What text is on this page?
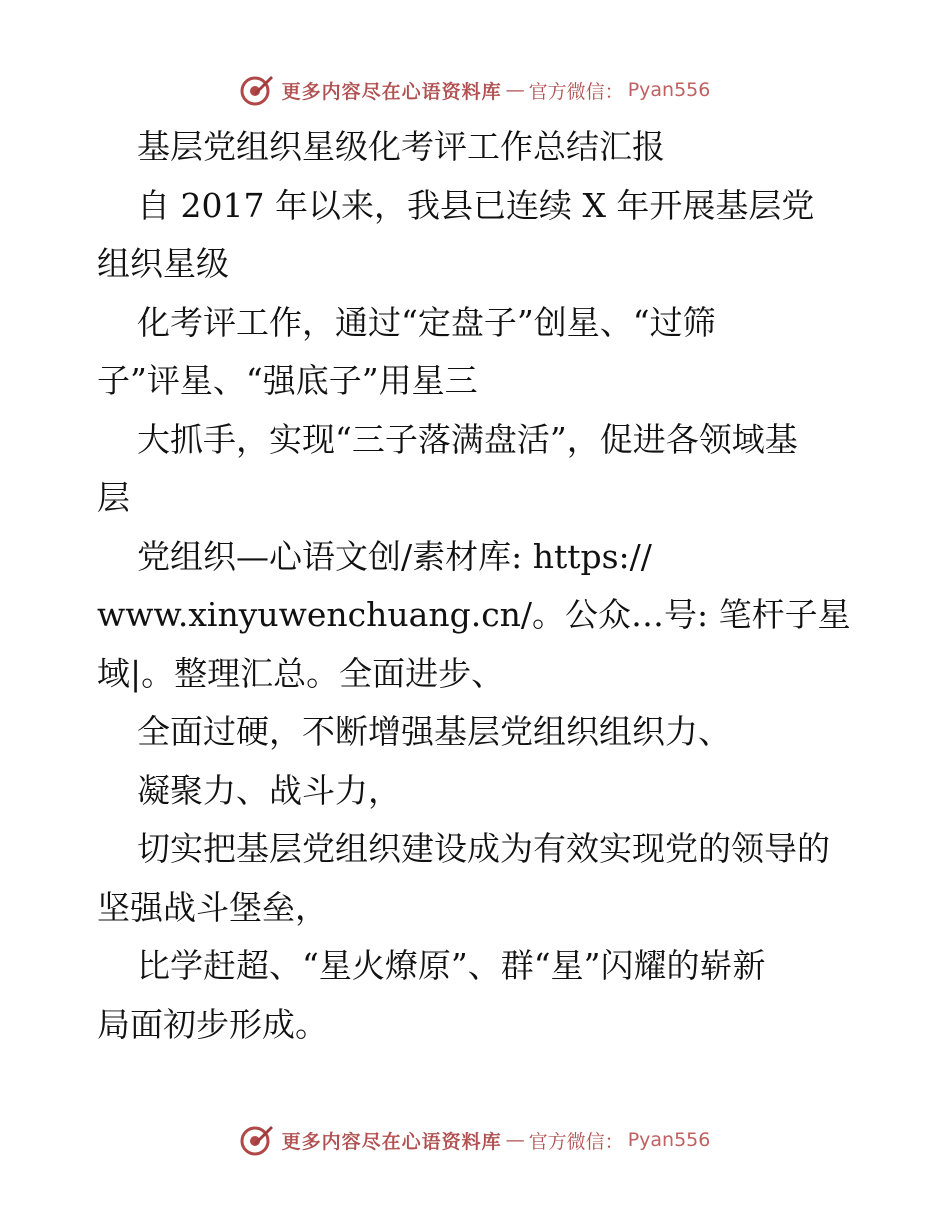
更多内容尽在心语资料库 — 官方微信： Pyan556
基层党组织星级化考评工作总结汇报
自 2017 年以来，我县已连续 X 年开展基层党
组织星级
化考评工作，通过“定盘子”创星、“过筛
子”评星、“强底子”用星三
大抓手，实现“三子落满盘活”，促进各领域基
层
党组织—心语文创/素材库: https://
www.xinyuwenchuang.cn/。公众…号: 笔杆子星
域|。整理汇总。全面进步、
全面过硬，不断增强基层党组织组织力、
凝聚力、战斗力，
切实把基层党组织建设成为有效实现党的领导的
坚强战斗堡垒，
比学赶超、“星火燎原”、群“星”闪耀的崭新
局面初步形成。
更多内容尽在心语资料库 — 官方微信： Pyan556
